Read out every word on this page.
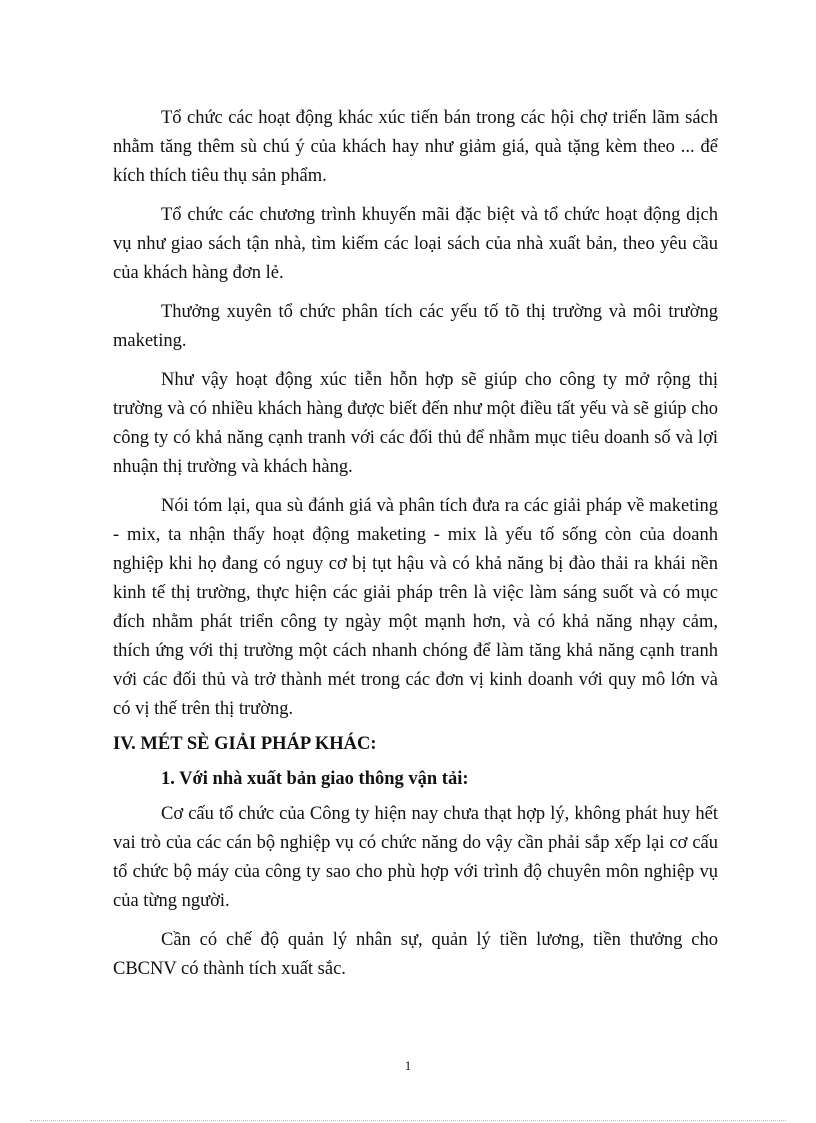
Tổ chức các hoạt động khác xúc tiến bán trong các hội chợ triển lãm sách nhằm tăng thêm sù chú ý của khách hay như giảm giá, quà tặng kèm theo ... để kích thích tiêu thụ sản phẩm.

Tổ chức các chương trình khuyến mãi đặc biệt và tổ chức hoạt động dịch vụ như giao sách tận nhà, tìm kiếm các loại sách của nhà xuất bản, theo yêu cầu của khách hàng đơn lẻ.

Thưởng xuyên tổ chức phân tích các yếu tố tõ thị trường và môi trường maketing.

Như vậy hoạt động xúc tiễn hỗn hợp sẽ giúp cho công ty mở rộng thị trường và có nhiều khách hàng được biết đến như một điều tất yếu và sẽ giúp cho công ty có khả năng cạnh tranh với các đối thủ để nhằm mục tiêu doanh số và lợi nhuận thị trường và khách hàng.

Nói tóm lại, qua sù đánh giá và phân tích đưa ra các giải pháp về maketing - mix, ta nhận thấy hoạt động maketing - mix là yếu tố sống còn của doanh nghiệp khi họ đang có nguy cơ bị tụt hậu và có khả năng bị đào thải ra khái nền kinh tế thị trường, thực hiện các giải pháp trên là việc làm sáng suốt và có mục đích nhằm phát triển công ty ngày một mạnh hơn, và có khả năng nhạy cảm, thích ứng với thị trường một cách nhanh chóng để làm tăng khả năng cạnh tranh với các đối thủ và trở thành mét trong các đơn vị kinh doanh với quy mô lớn và có vị thế trên thị trường.

IV. MÉT SÈ GIẢI PHÁP KHÁC:
1. Với nhà xuất bản giao thông vận tải:

Cơ cấu tổ chức của Công ty hiện nay chưa thạt hợp lý, không phát huy hết vai trò của các cán bộ nghiệp vụ có chức năng do vậy cần phải sắp xếp lại cơ cấu tổ chức bộ máy của công ty sao cho phù hợp với trình độ chuyên môn nghiệp vụ của từng người.

Cần có chế độ quản lý nhân sự, quản lý tiền lương, tiền thưởng cho CBCNV có thành tích xuất sắc.

1
